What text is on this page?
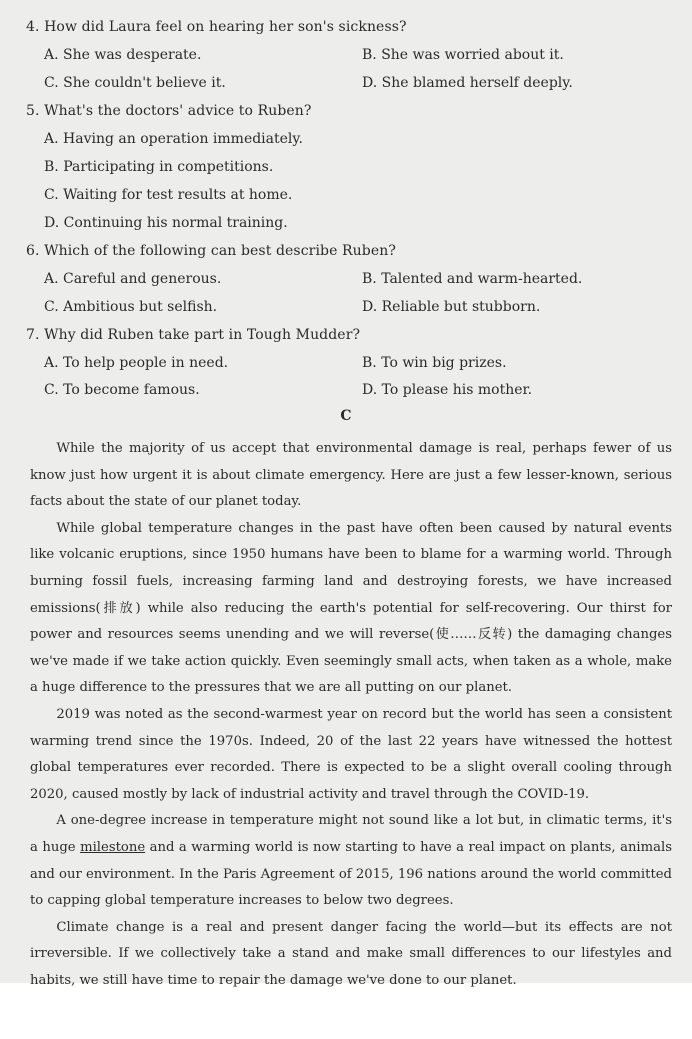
4. How did Laura feel on hearing her son's sickness?
A. She was desperate.	B. She was worried about it.
C. She couldn't believe it.	D. She blamed herself deeply.
5. What's the doctors' advice to Ruben?
A. Having an operation immediately.
B. Participating in competitions.
C. Waiting for test results at home.
D. Continuing his normal training.
6. Which of the following can best describe Ruben?
A. Careful and generous.	B. Talented and warm-hearted.
C. Ambitious but selfish.	D. Reliable but stubborn.
7. Why did Ruben take part in Tough Mudder?
A. To help people in need.	B. To win big prizes.
C. To become famous.	D. To please his mother.
C

While the majority of us accept that environmental damage is real, perhaps fewer of us know just how urgent it is about climate emergency. Here are just a few lesser-known, serious facts about the state of our planet today.

While global temperature changes in the past have often been caused by natural events like volcanic eruptions, since 1950 humans have been to blame for a warming world. Through burning fossil fuels, increasing farming land and destroying forests, we have increased emissions(排放) while also reducing the earth's potential for self-recovering. Our thirst for power and resources seems unending and we will reverse(使……反转) the damaging changes we've made if we take action quickly. Even seemingly small acts, when taken as a whole, make a huge difference to the pressures that we are all putting on our planet.

2019 was noted as the second-warmest year on record but the world has seen a consistent warming trend since the 1970s. Indeed, 20 of the last 22 years have witnessed the hottest global temperatures ever recorded. There is expected to be a slight overall cooling through 2020, caused mostly by lack of industrial activity and travel through the COVID-19.

A one-degree increase in temperature might not sound like a lot but, in climatic terms, it's a huge milestone and a warming world is now starting to have a real impact on plants, animals and our environment. In the Paris Agreement of 2015, 196 nations around the world committed to capping global temperature increases to below two degrees.

Climate change is a real and present danger facing the world—but its effects are not irreversible. If we collectively take a stand and make small differences to our lifestyles and habits, we still have time to repair the damage we've done to our planet.
